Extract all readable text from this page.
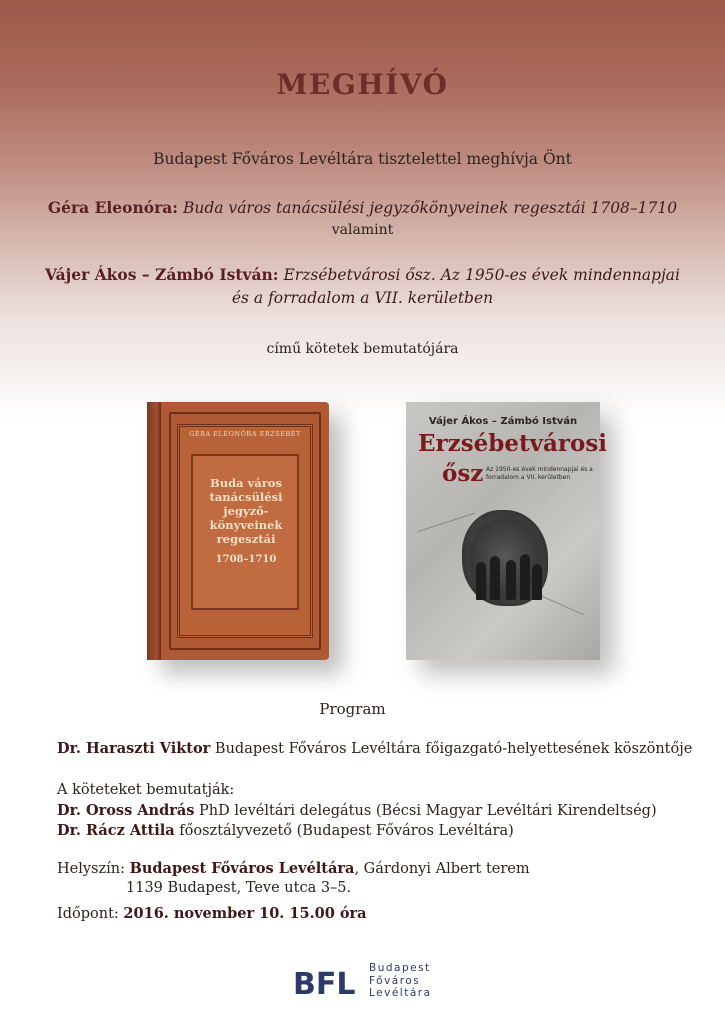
MEGHÍVÓ
Budapest Főváros Levéltára tisztelettel meghívja Önt
Géra Eleonóra: Buda város tanácsülési jegyzőkönyveinek regesztái 1708–1710
valamint
Vájer Ákos – Zámbó István: Erzsébetvárosi ősz. Az 1950-es évek mindennapjai
és a forradalom a VII. kerületben
című kötetek bemutatójára
GÉRA ELEONÓRA ERZSEBET
Buda város
tanácsülési
jegyző-
könyveinek
regesztái
1708–1710
Vájer Ákos – Zámbó István
Erzsébetvárosi
ősz Az 1950-es évek mindennapjai és a forradalom a VII. kerületben
Program
Dr. Haraszti Viktor Budapest Főváros Levéltára főigazgató-helyettesének köszöntője
A köteteket bemutatják:
Dr. Oross András PhD levéltári delegátus (Bécsi Magyar Levéltári Kirendeltség)
Dr. Rácz Attila főosztályvezető (Budapest Főváros Levéltára)
Helyszín: Budapest Főváros Levéltára, Gárdonyi Albert terem
1139 Budapest, Teve utca 3–5.
Időpont: 2016. november 10. 15.00 óra
BFL Budapest
Főváros
Levéltára
